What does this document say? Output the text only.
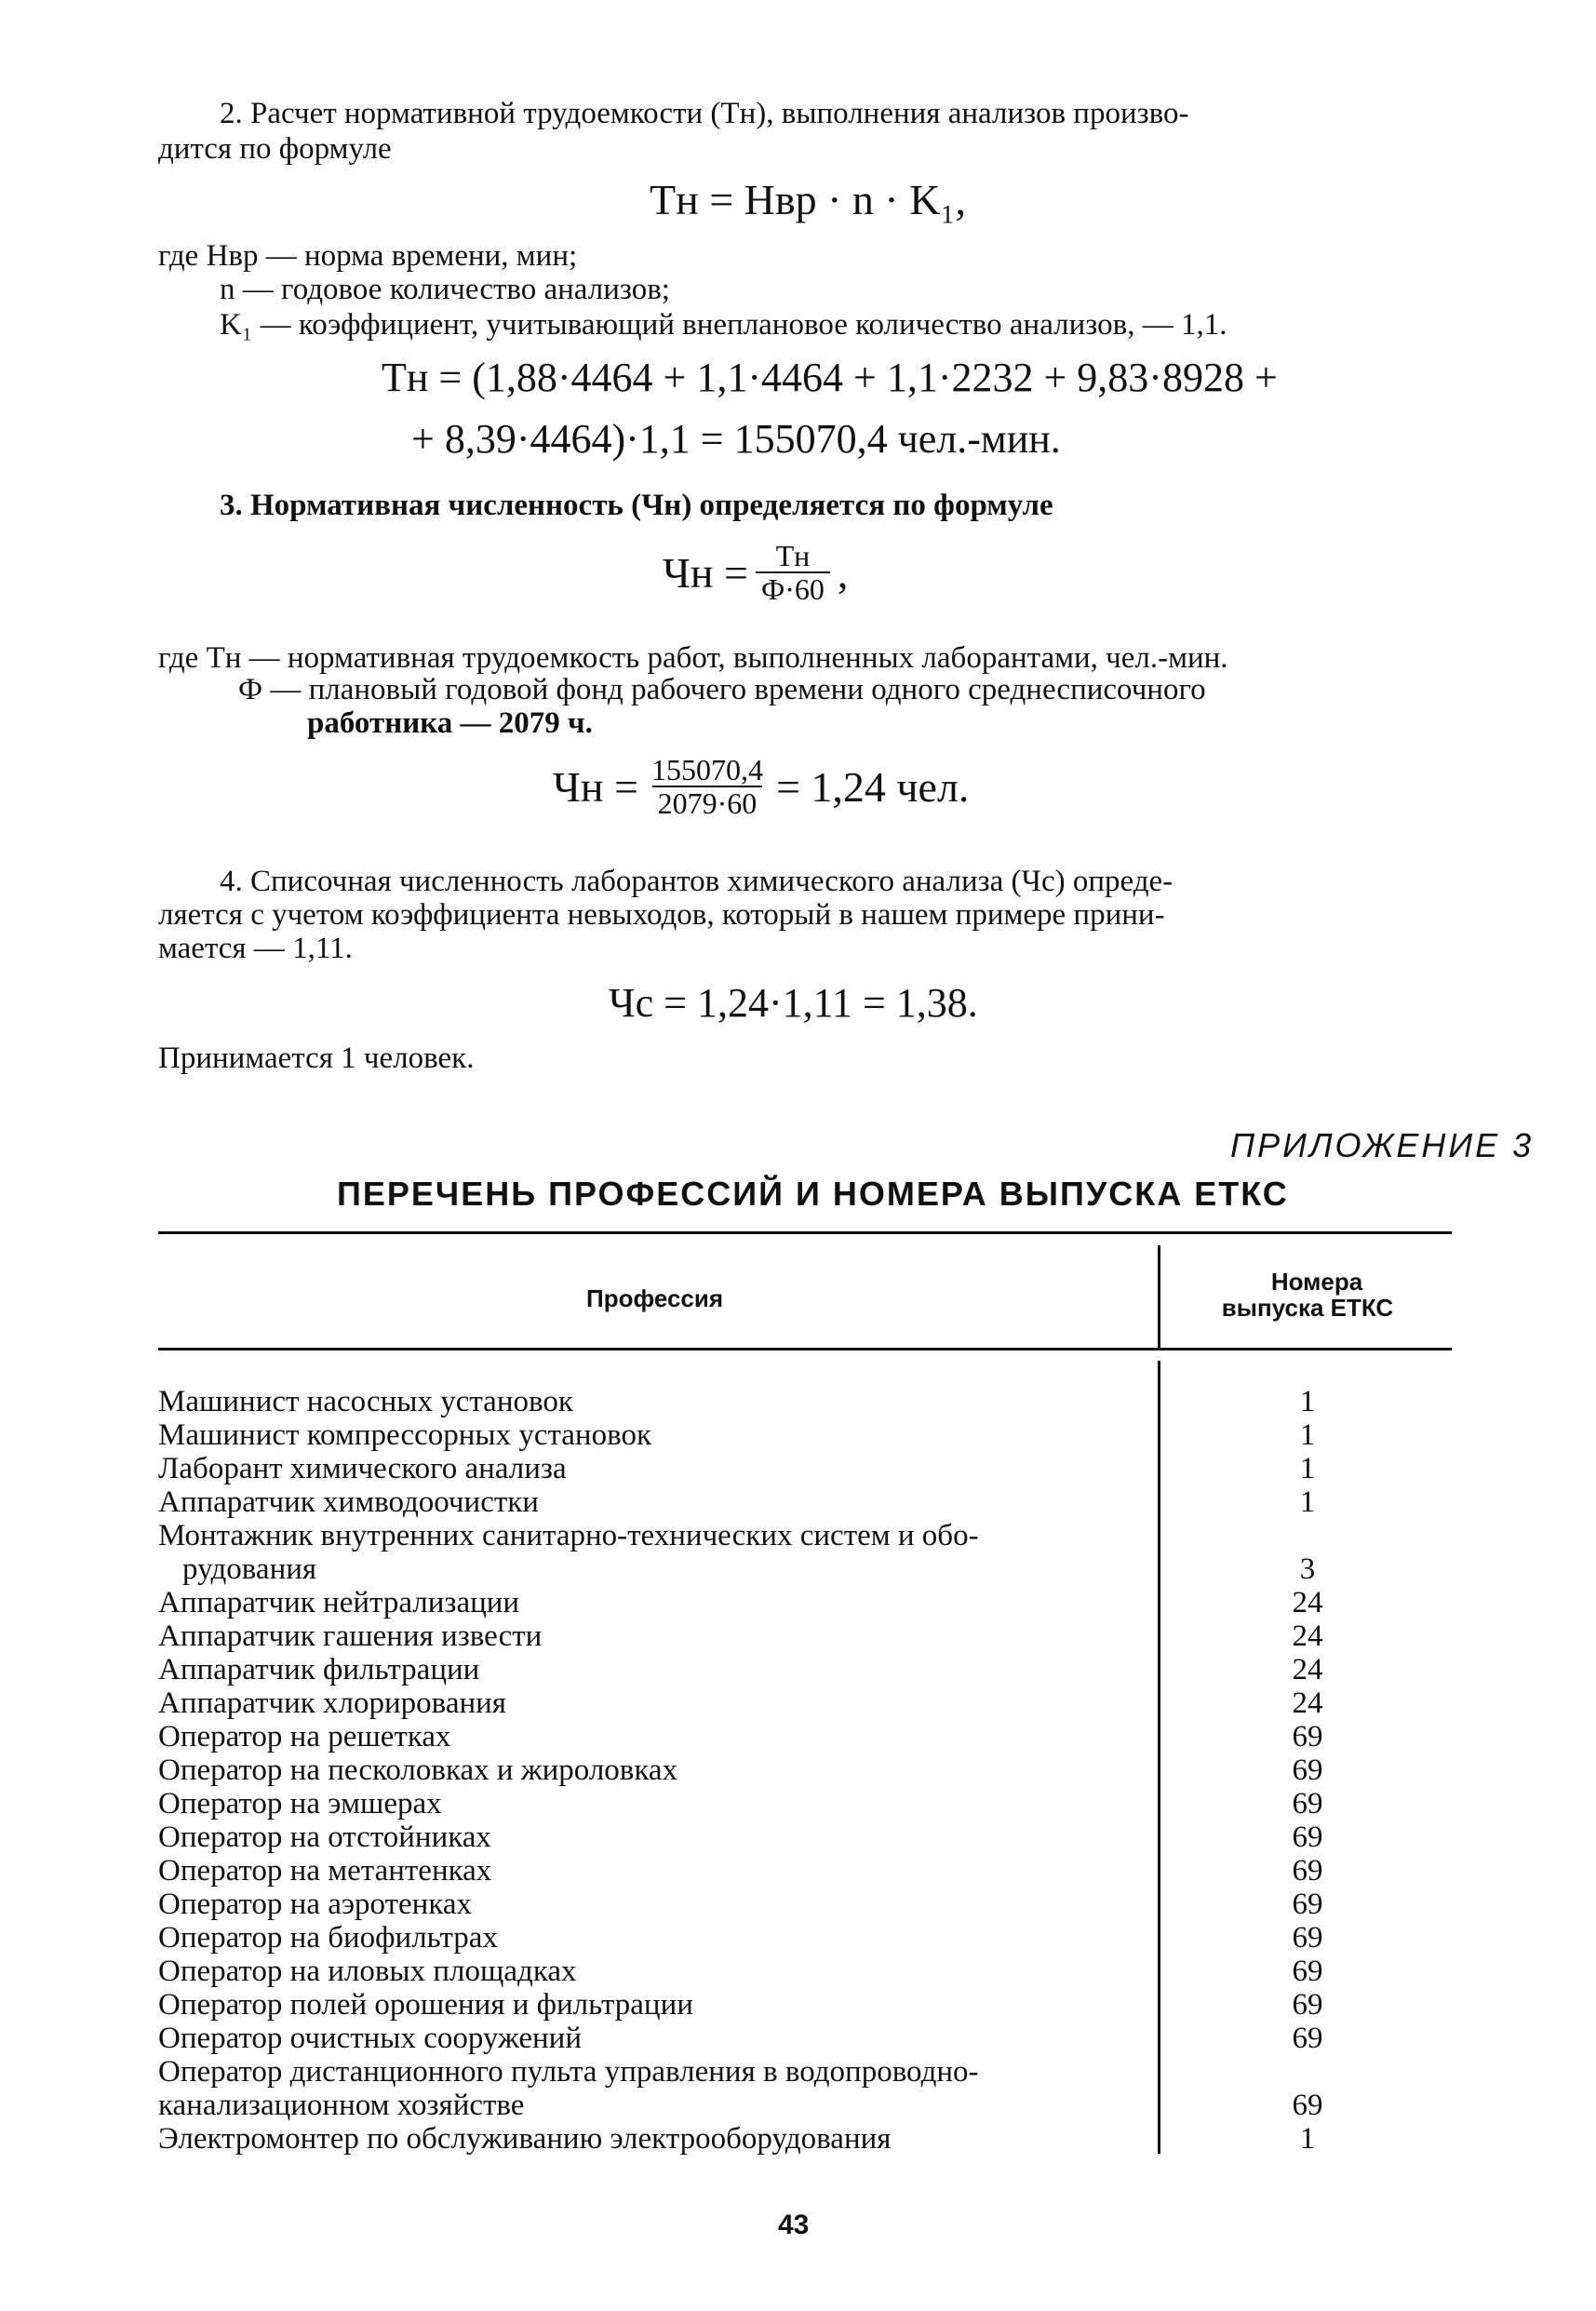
2. Расчет нормативной трудоемкости (Тн), выполнения анализов произво-
дится по формуле
Тн = Нвр · n · K₁,
где Нвр — норма времени, мин;
n — годовое количество анализов;
K₁ — коэффициент, учитывающий внеплановое количество анализов, — 1,1.
Тн = (1,88·4464 + 1,1·4464 + 1,1·2232 + 9,83·8928 +
+ 8,39·4464)·1,1 = 155070,4 чел.-мин.
3. Нормативная численность (Чн) определяется по формуле
Чн = $\frac{Тн}{Ф\cdot 60}$ ,
где Тн — нормативная трудоемкость работ, выполненных лаборантами, чел.-мин.
Ф — плановый годовой фонд рабочего времени одного среднесписочного
работника — 2079 ч.
Чн = $\frac{155070,4}{2079\cdot 60} = 1,24$ чел.
4. Списочная численность лаборантов химического анализа (Чс) опреде-
ляется с учетом коэффициента невыходов, который в нашем примере прини-
мается — 1,11.
Чс = 1,24·1,11 = 1,38.
Принимается 1 человек.
ПРИЛОЖЕНИЕ 3
ПЕРЕЧЕНЬ ПРОФЕССИЙ И НОМЕРА ВЫПУСКА ЕТКС
Профессия
Номера
выпуска ЕТКС
Машинист насосных установок	1
Машинист компрессорных установок	1
Лаборант химического анализа	1
Аппаратчик химводоочистки	1
Монтажник внутренних санитарно-технических систем и обо-
рудования	3
Аппаратчик нейтрализации	24
Аппаратчик гашения извести	24
Аппаратчик фильтрации	24
Аппаратчик хлорирования	24
Оператор на решетках	69
Оператор на песколовках и жироловках	69
Оператор на эмшерах	69
Оператор на отстойниках	69
Оператор на метантенках	69
Оператор на аэротенках	69
Оператор на биофильтрах	69
Оператор на иловых площадках	69
Оператор полей орошения и фильтрации	69
Оператор очистных сооружений	69
Оператор дистанционного пульта управления в водопроводно-
канализационном хозяйстве	69
Электромонтер по обслуживанию электрооборудования	1
43
